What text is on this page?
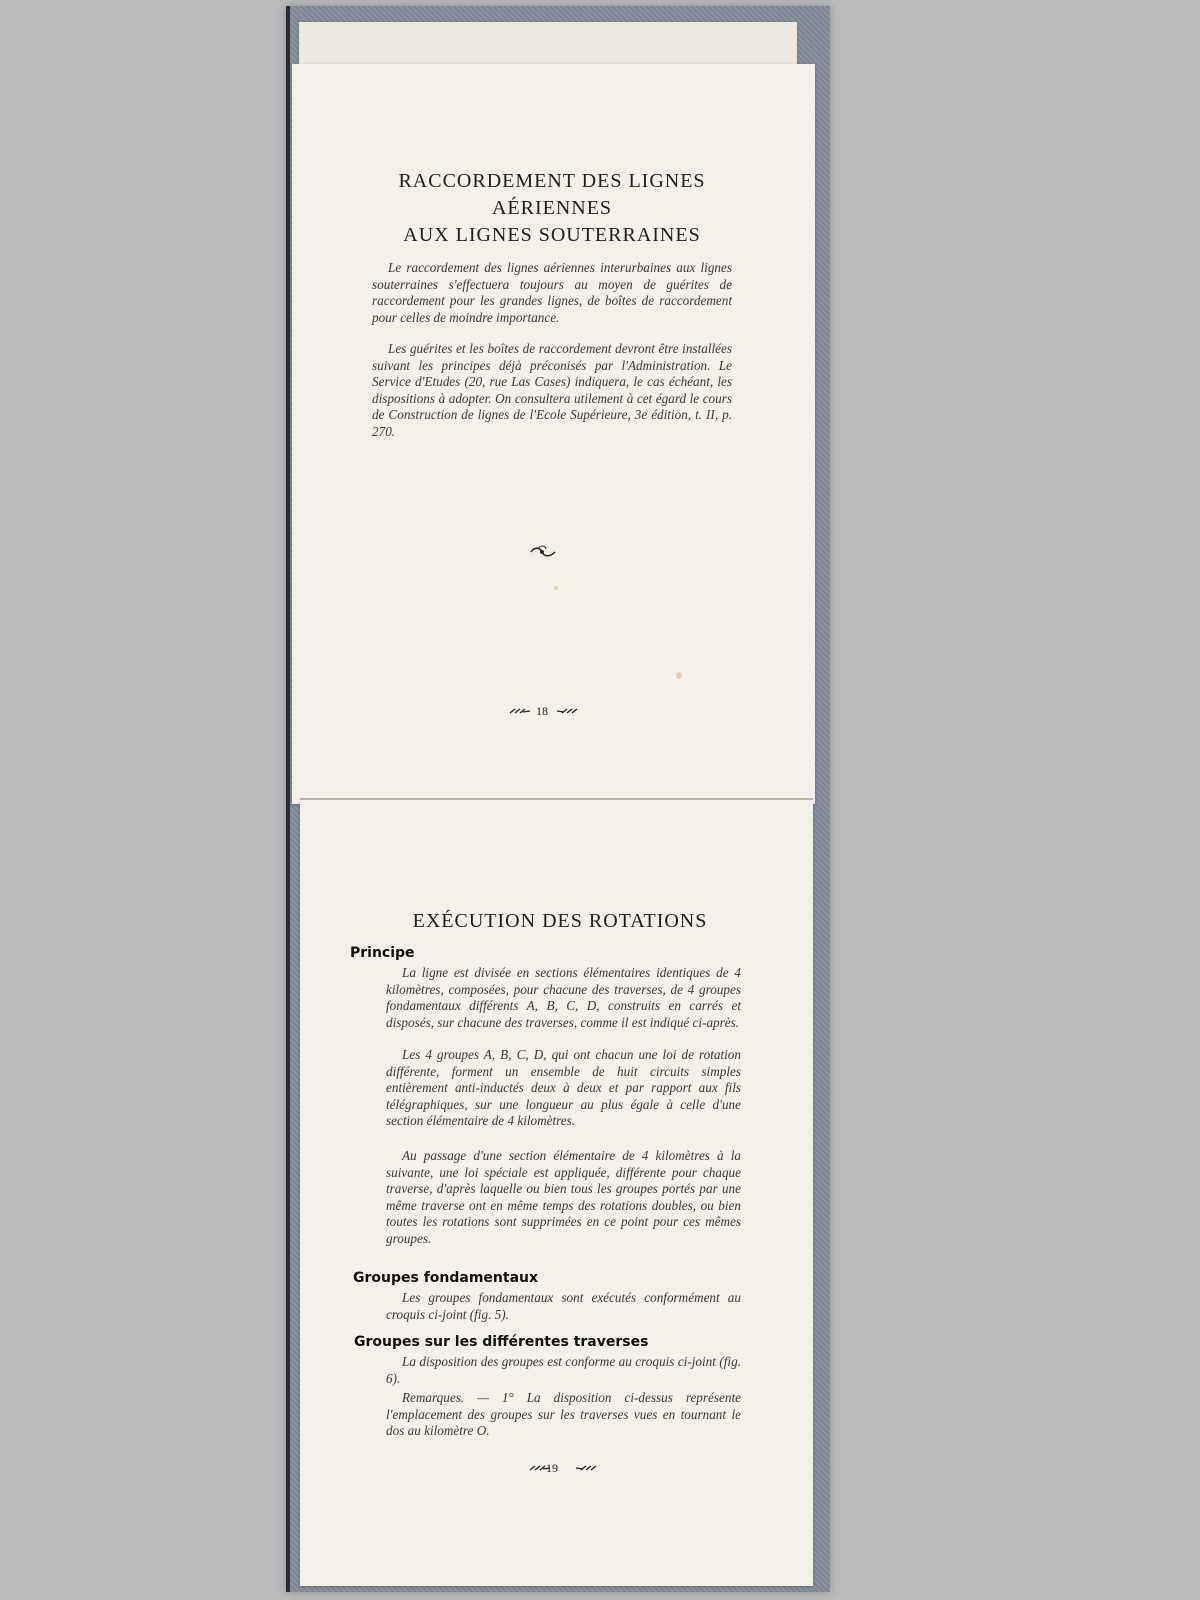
RACCORDEMENT DES LIGNES
AÉRIENNES
AUX LIGNES SOUTERRAINES

Le raccordement des lignes aériennes interurbaines aux lignes souterraines s'effectuera toujours au moyen de guérites de raccordement pour les grandes lignes, de boîtes de raccordement pour celles de moindre importance.

Les guérites et les boîtes de raccordement devront être installées suivant les principes déjà préconisés par l'Administration. Le Service d'Etudes (20, rue Las Cases) indiquera, le cas échéant, les dispositions à adopter. On consultera utilement à cet égard le cours de Construction de lignes de l'Ecole Supérieure, 3e édition, t. II, p. 270.

18
EXÉCUTION DES ROTATIONS
Principe

La ligne est divisée en sections élémentaires identiques de 4 kilomètres, composées, pour chacune des traverses, de 4 groupes fondamentaux différents A, B, C, D, construits en carrés et disposés, sur chacune des traverses, comme il est indiqué ci-après.

Les 4 groupes A, B, C, D, qui ont chacun une loi de rotation différente, forment un ensemble de huit circuits simples entièrement anti-inductés deux à deux et par rapport aux fils télégraphiques, sur une longueur au plus égale à celle d'une section élémentaire de 4 kilomètres.

Au passage d'une section élémentaire de 4 kilomètres à la suivante, une loi spéciale est appliquée, différente pour chaque traverse, d'après laquelle ou bien tous les groupes portés par une même traverse ont en même temps des rotations doubles, ou bien toutes les rotations sont supprimées en ce point pour ces mêmes groupes.

Groupes fondamentaux

Les groupes fondamentaux sont exécutés conformément au croquis ci-joint (fig. 5).

Groupes sur les différentes traverses

La disposition des groupes est conforme au croquis ci-joint (fig. 6).

Remarques. — 1° La disposition ci-dessus représente l'emplacement des groupes sur les traverses vues en tournant le dos au kilomètre O.

19
